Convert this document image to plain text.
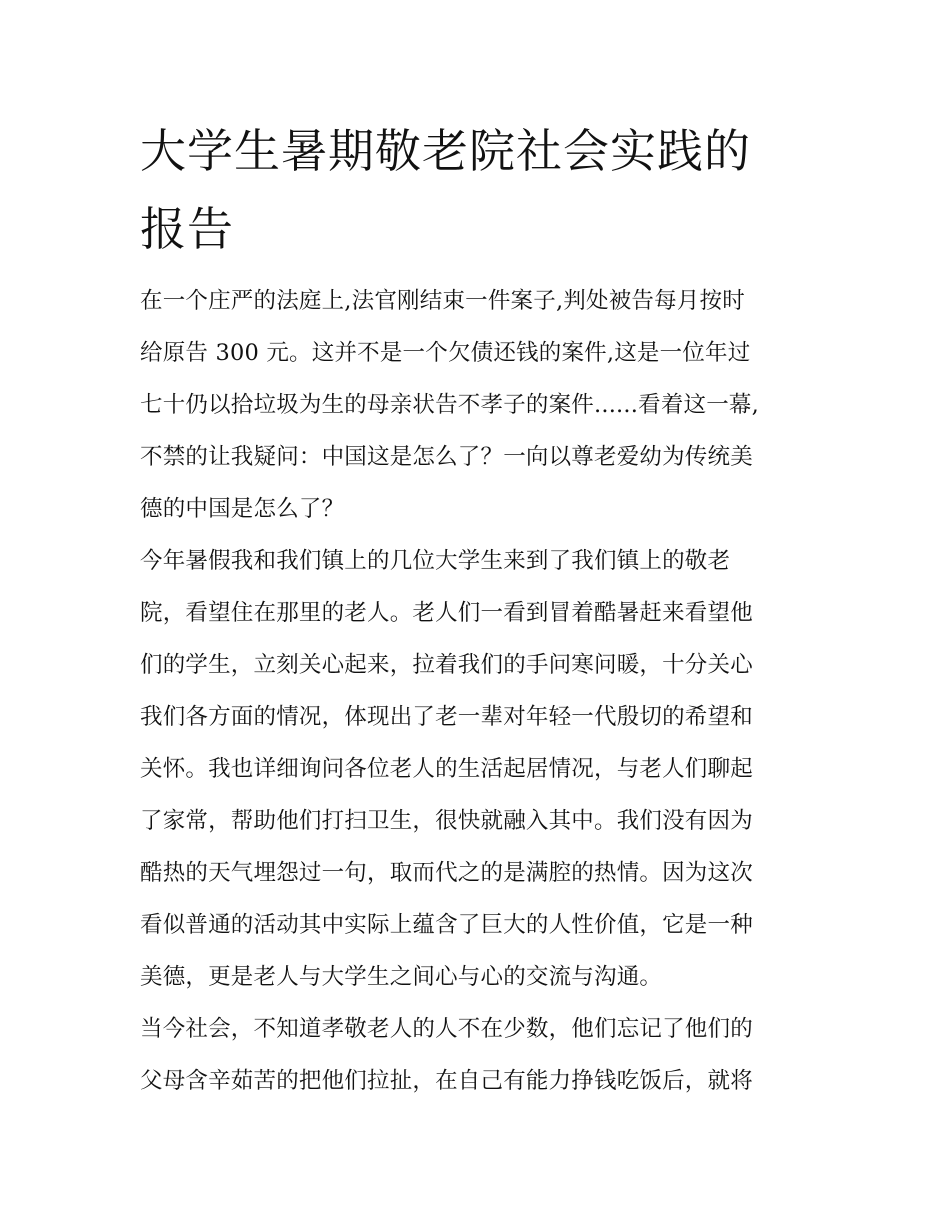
大学生暑期敬老院社会实践的
报告
在一个庄严的法庭上,法官刚结束一件案子,判处被告每月按时
给原告 300 元。这并不是一个欠债还钱的案件,这是一位年过
七十仍以拾垃圾为生的母亲状告不孝子的案件......看着这一幕,
不禁的让我疑问：中国这是怎么了？一向以尊老爱幼为传统美
德的中国是怎么了？
今年暑假我和我们镇上的几位大学生来到了我们镇上的敬老
院，看望住在那里的老人。老人们一看到冒着酷暑赶来看望他
们的学生，立刻关心起来，拉着我们的手问寒问暖，十分关心
我们各方面的情况，体现出了老一辈对年轻一代殷切的希望和
关怀。我也详细询问各位老人的生活起居情况，与老人们聊起
了家常，帮助他们打扫卫生，很快就融入其中。我们没有因为
酷热的天气埋怨过一句，取而代之的是满腔的热情。因为这次
看似普通的活动其中实际上蕴含了巨大的人性价值，它是一种
美德，更是老人与大学生之间心与心的交流与沟通。
当今社会，不知道孝敬老人的人不在少数，他们忘记了他们的
父母含辛茹苦的把他们拉扯，在自己有能力挣钱吃饭后，就将
